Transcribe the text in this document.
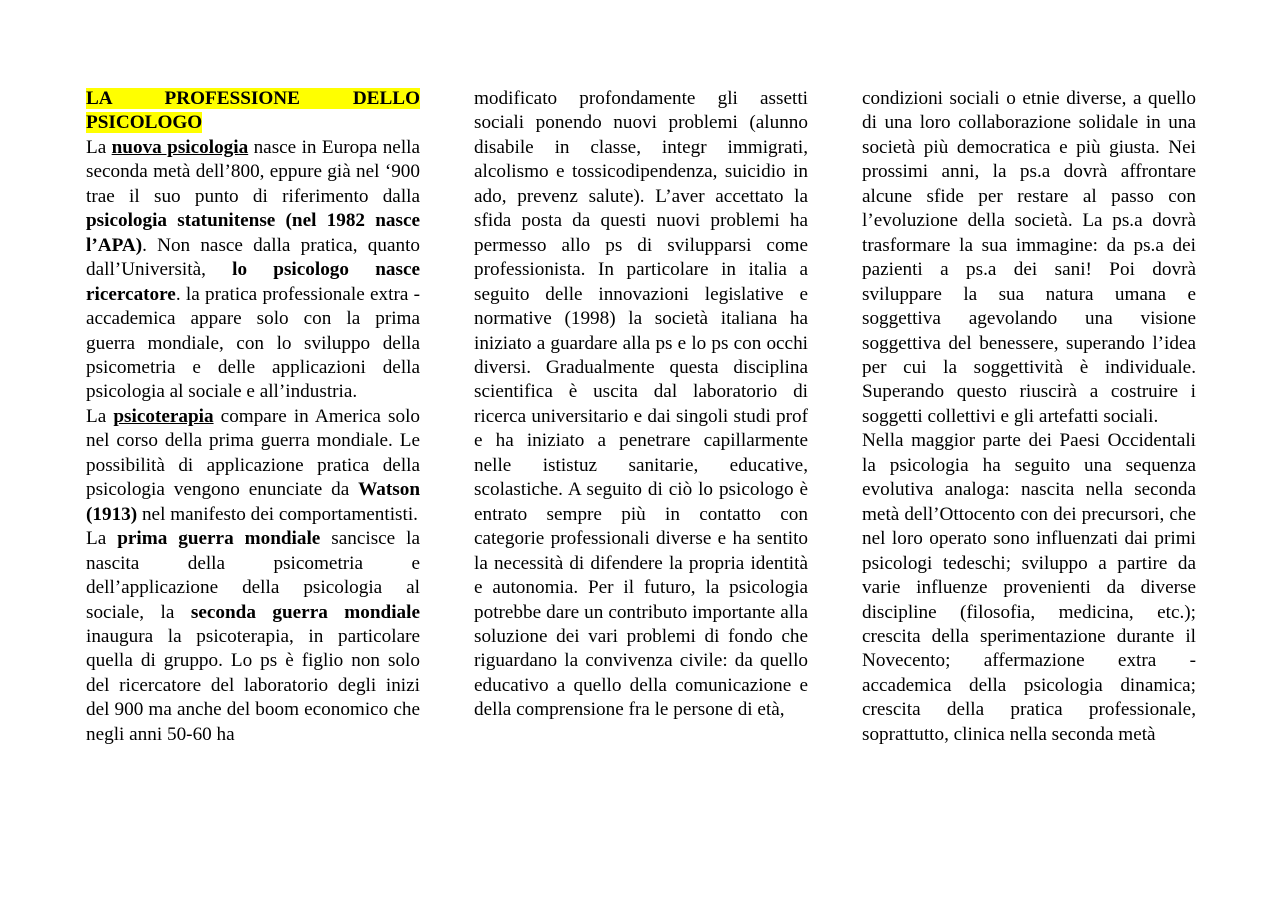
LA PROFESSIONE DELLO PSICOLOGO

La nuova psicologia nasce in Europa nella seconda metà dell’800, eppure già nel ‘900 trae il suo punto di riferimento dalla psicologia statunitense (nel 1982 nasce l’APA). Non nasce dalla pratica, quanto dall’Università, lo psicologo nasce ricercatore. la pratica professionale extra - accademica appare solo con la prima guerra mondiale, con lo sviluppo della psicometria e delle applicazioni della psicologia al sociale e all’industria.

La psicoterapia compare in America solo nel corso della prima guerra mondiale. Le possibilità di applicazione pratica della psicologia vengono enunciate da Watson (1913) nel manifesto dei comportamentisti.

La prima guerra mondiale sancisce la nascita della psicometria e dell’applicazione della psicologia al sociale, la seconda guerra mondiale inaugura la psicoterapia, in particolare quella di gruppo. Lo ps è figlio non solo del ricercatore del laboratorio degli inizi del 900 ma anche del boom economico che negli anni 50-60 ha

modificato profondamente gli assetti sociali ponendo nuovi problemi (alunno disabile in classe, integr immigrati, alcolismo e tossicodipendenza, suicidio in ado, prevenz salute). L’aver accettato la sfida posta da questi nuovi problemi ha permesso allo ps di svilupparsi come professionista. In particolare in italia a seguito delle innovazioni legislative e normative (1998) la società italiana ha iniziato a guardare alla ps e lo ps con occhi diversi. Gradualmente questa disciplina scientifica è uscita dal laboratorio di ricerca universitario e dai singoli studi prof e ha iniziato a penetrare capillarmente nelle ististuz sanitarie, educative, scolastiche. A seguito di ciò lo psicologo è entrato sempre più in contatto con categorie professionali diverse e ha sentito la necessità di difendere la propria identità e autonomia. Per il futuro, la psicologia potrebbe dare un contributo importante alla soluzione dei vari problemi di fondo che riguardano la convivenza civile: da quello educativo a quello della comunicazione e della comprensione fra le persone di età,

condizioni sociali o etnie diverse, a quello di una loro collaborazione solidale in una società più democratica e più giusta. Nei prossimi anni, la ps.a dovrà affrontare alcune sfide per restare al passo con l’evoluzione della società. La ps.a dovrà trasformare la sua immagine: da ps.a dei pazienti a ps.a dei sani! Poi dovrà sviluppare la sua natura umana e soggettiva agevolando una visione soggettiva del benessere, superando l’idea per cui la soggettività è individuale. Superando questo riuscirà a costruire i soggetti collettivi e gli artefatti sociali.

Nella maggior parte dei Paesi Occidentali la psicologia ha seguito una sequenza evolutiva analoga: nascita nella seconda metà dell’Ottocento con dei precursori, che nel loro operato sono influenzati dai primi psicologi tedeschi; sviluppo a partire da varie influenze provenienti da diverse discipline (filosofia, medicina, etc.); crescita della sperimentazione durante il Novecento; affermazione extra - accademica della psicologia dinamica; crescita della pratica professionale, soprattutto, clinica nella seconda metà
